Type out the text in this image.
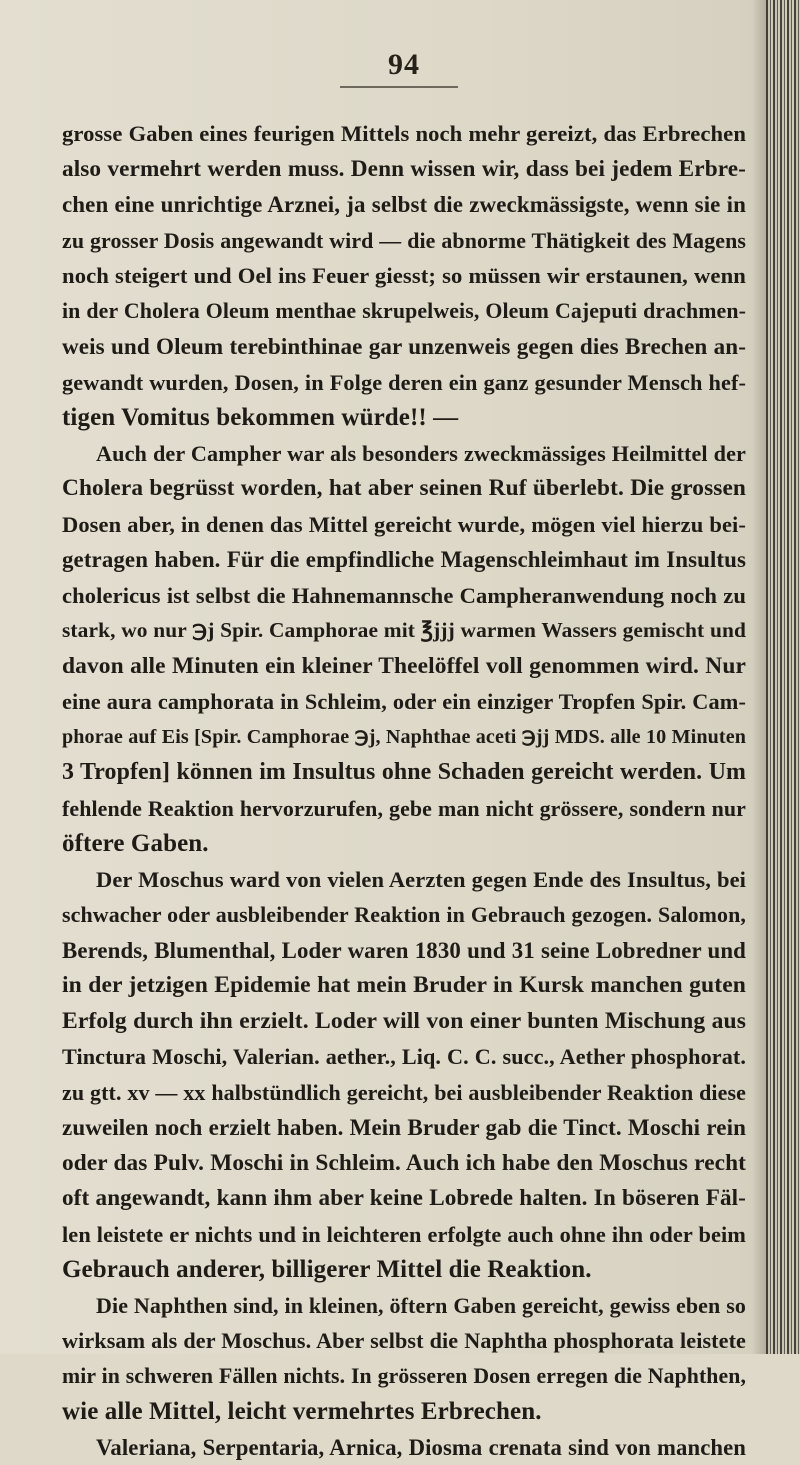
94
grosse Gaben eines feurigen Mittels noch mehr gereizt, das Erbrechen
also vermehrt werden muss. Denn wissen wir, dass bei jedem Erbre-
chen eine unrichtige Arznei, ja selbst die zweckmässigste, wenn sie in
zu grosser Dosis angewandt wird — die abnorme Thätigkeit des Magens
noch steigert und Oel ins Feuer giesst; so müssen wir erstaunen, wenn
in der Cholera Oleum menthae skrupelweis, Oleum Cajeputi drachmen-
weis und Oleum terebinthinae gar unzenweis gegen dies Brechen an-
gewandt wurden, Dosen, in Folge deren ein ganz gesunder Mensch hef-
tigen Vomitus bekommen würde!! —
Auch der Campher war als besonders zweckmässiges Heilmittel der
Cholera begrüsst worden, hat aber seinen Ruf überlebt. Die grossen
Dosen aber, in denen das Mittel gereicht wurde, mögen viel hierzu bei-
getragen haben. Für die empfindliche Magenschleimhaut im Insultus
cholericus ist selbst die Hahnemannsche Campheranwendung noch zu
stark, wo nur ℈j Spir. Camphorae mit ℥jjj warmen Wassers gemischt und
davon alle Minuten ein kleiner Theelöffel voll genommen wird. Nur
eine aura camphorata in Schleim, oder ein einziger Tropfen Spir. Cam-
phorae auf Eis [Spir. Camphorae ℈j, Naphthae aceti ℈jj MDS. alle 10 Minuten
3 Tropfen] können im Insultus ohne Schaden gereicht werden. Um
fehlende Reaktion hervorzurufen, gebe man nicht grössere, sondern nur
öftere Gaben.
Der Moschus ward von vielen Aerzten gegen Ende des Insultus, bei
schwacher oder ausbleibender Reaktion in Gebrauch gezogen. Salomon,
Berends, Blumenthal, Loder waren 1830 und 31 seine Lobredner und
in der jetzigen Epidemie hat mein Bruder in Kursk manchen guten
Erfolg durch ihn erzielt. Loder will von einer bunten Mischung aus
Tinctura Moschi, Valerian. aether., Liq. C. C. succ., Aether phosphorat.
zu gtt. xv — xx halbstündlich gereicht, bei ausbleibender Reaktion diese
zuweilen noch erzielt haben. Mein Bruder gab die Tinct. Moschi rein
oder das Pulv. Moschi in Schleim. Auch ich habe den Moschus recht
oft angewandt, kann ihm aber keine Lobrede halten. In böseren Fäl-
len leistete er nichts und in leichteren erfolgte auch ohne ihn oder beim
Gebrauch anderer, billigerer Mittel die Reaktion.
Die Naphthen sind, in kleinen, öftern Gaben gereicht, gewiss eben so
wirksam als der Moschus. Aber selbst die Naphtha phosphorata leistete
mir in schweren Fällen nichts. In grösseren Dosen erregen die Naphthen,
wie alle Mittel, leicht vermehrtes Erbrechen.
Valeriana, Serpentaria, Arnica, Diosma crenata sind von manchen
